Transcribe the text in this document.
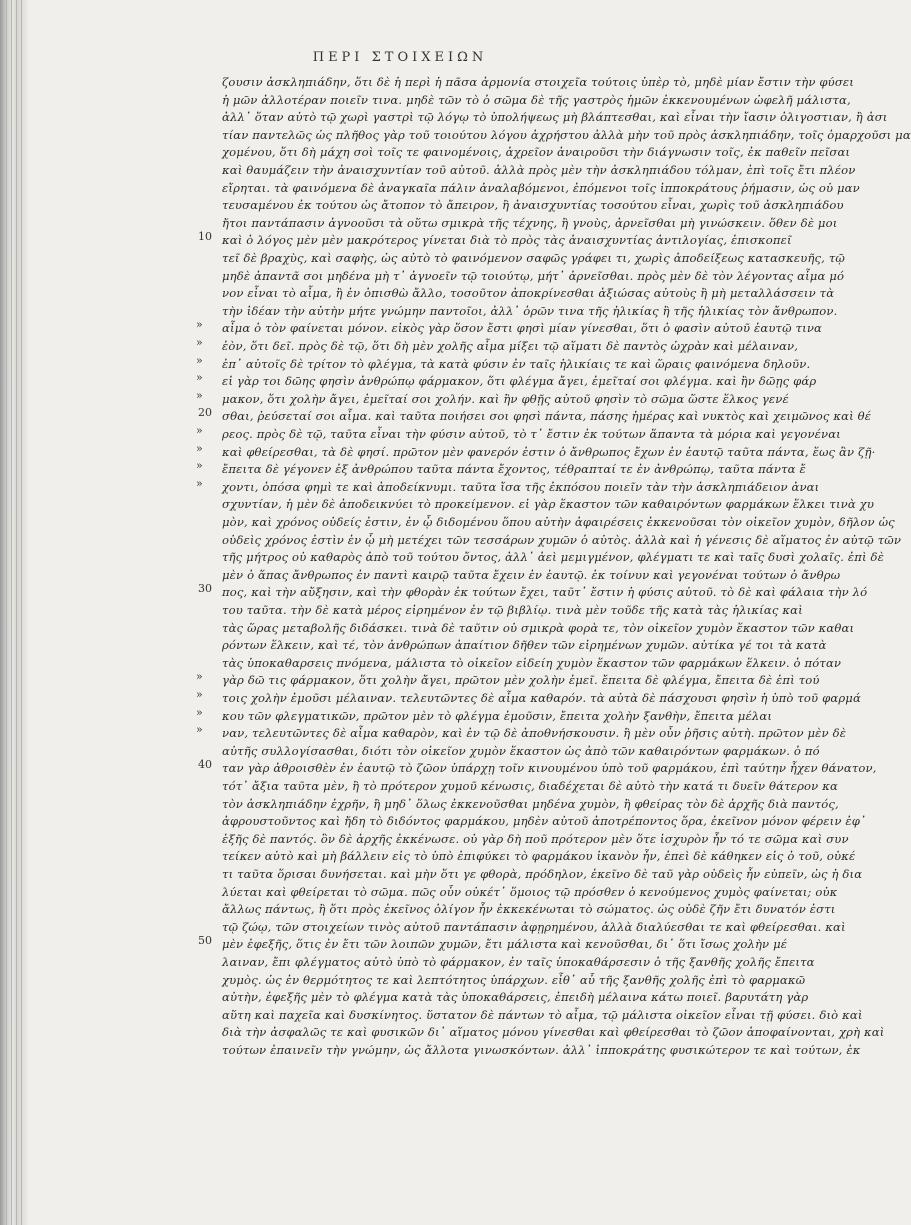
ΠΕΡΙ ΣΤΟΙΧΕΙΩΝ
ζουσιν ἀσκληπιάδην, ὅτι δὲ ἡ περὶ ἡ πᾶσα ἁρμονία στοιχεῖα τούτοις ὑπὲρ τὸ, μηδὲ μίαν ἔστιν τὴν φύσει
ἡ μῶν ἀλλοτέραν ποιεῖν τινα. μηδὲ τῶν τὸ ὁ σῶμα δὲ τῆς γαστρὸς ἡμῶν ἐκκενουμένων ὠφελῆ μάλιστα,
ἀλλ᾽ ὅταν αὐτὸ τῷ χωρὶ γαστρὶ τῷ λόγῳ τὸ ὑπολήψεως μὴ βλάπτεσθαι, καὶ εἶναι τὴν ἴασιν ὀλιγοστιαν, ἢ ἀσι
τίαν παντελῶς ὡς πλῆθος γὰρ τοῦ τοιούτου λόγου ἀχρήστου ἀλλὰ μὴν τοῦ πρὸς ἀσκληπιάδην, τοῖς ὁμαρχοῦσι μα
χομένου, ὅτι δὴ μάχη σοὶ τοῖς τε φαινομένοις, ἀχρεῖον ἀναιροῦσι τὴν διάγνωσιν τοῖς, ἐκ παθεῖν πεῖσαι
καὶ θαυμάζειν τὴν ἀναισχυντίαν τοῦ αὐτοῦ. ἀλλὰ πρὸς μὲν τὴν ἀσκληπιάδου τόλμαν, ἐπὶ τοῖς ἔτι πλέον
εἴρηται. τὰ φαινόμενα δὲ ἀναγκαῖα πάλιν ἀναλαβόμενοι, ἐπόμενοι τοῖς ἱπποκράτους ῥήμασιν, ὡς οὐ μαν
τευσαμένου ἐκ τούτου ὡς ἄτοπον τὸ ἄπειρον, ἢ ἀναισχυντίας τοσούτου εἶναι, χωρὶς τοῦ ἀσκληπιάδου
ἤτοι παντάπασιν ἀγνοοῦσι τὰ οὕτω σμικρὰ τῆς τέχνης, ἢ γνοὺς, ἀρνεῖσθαι μὴ γινώσκειν. ὅθεν δὲ μοι
καὶ ὁ λόγος μὲν μὲν μακρότερος γίνεται διὰ τὸ πρὸς τὰς ἀναισχυντίας ἀντιλογίας, ἐπισκοπεῖ
10
τεῖ δὲ βραχὺς, καὶ σαφὴς, ὡς αὐτὸ τὸ φαινόμενον σαφῶς γράφει τι, χωρὶς ἀποδείξεως κατασκευῆς, τῷ
μηδὲ ἀπαντᾶ σοι μηδένα μὴ τ᾽ ἀγνοεῖν τῷ τοιούτῳ, μήτ᾽ ἀρνεῖσθαι. πρὸς μὲν δὲ τὸν λέγοντας αἷμα μό
νον εἶναι τὸ αἷμα, ἢ ἐν ὀπισθὼ ἄλλο, τοσοῦτον ἀποκρίνεσθαι ἀξιώσας αὐτοὺς ἢ μὴ μεταλλάσσειν τὰ
τὴν ἰδέαν τὴν αὐτὴν μήτε γνώμην παντοῖοι, ἀλλ᾽ ὁρῶν τινα τῆς ἡλικίας ἢ τῆς ἡλικίας τὸν ἄνθρωπον.
αἷμα ὁ τὸν φαίνεται μόνον. εἰκὸς γὰρ ὅσον ἔστι φησὶ μίαν γίνεσθαι, ὅτι ὁ φασὶν αὐτοῦ ἑαυτῷ τινα
»
ἐὸν, ὅτι δεῖ. πρὸς δὲ τῷ, ὅτι δὴ μὲν χολῆς αἷμα μίξει τῷ αἵματι δὲ παντὸς ὡχρὰν καὶ μέλαιναν,
»
ἐπ᾽ αὐτοῖς δὲ τρίτον τὸ φλέγμα, τὰ κατὰ φύσιν ἐν ταῖς ἡλικίαις τε καὶ ὥραις φαινόμενα δηλοῦν.
»
εἰ γὰρ τοι δῶης φησὶν ἀνθρώπῳ φάρμακον, ὅτι φλέγμα ἄγει, ἐμεῖταί σοι φλέγμα. καὶ ἢν δῶῃς φάρ
»
μακον, ὅτι χολὴν ἄγει, ἐμεῖταί σοι χολήν. καὶ ἢν φθῇς αὐτοῦ φησὶν τὸ σῶμα ὥστε ἕλκος γενέ
»
σθαι, ῥεύσεταί σοι αἷμα. καὶ ταῦτα ποιήσει σοι φησὶ πάντα, πάσης ἡμέρας καὶ νυκτὸς καὶ χειμῶνος καὶ θέ
20
ρεος. πρὸς δὲ τῷ, ταῦτα εἶναι τὴν φύσιν αὐτοῦ, τὸ τ᾽ ἔστιν ἐκ τούτων ἅπαντα τὰ μόρια καὶ γεγονέναι
»
καὶ φθείρεσθαι, τὰ δὲ φησί. πρῶτον μὲν φανερόν ἐστιν ὁ ἄνθρωπος ἔχων ἐν ἑαυτῷ ταῦτα πάντα, ἕως ἂν ζῇ·
»
ἔπειτα δὲ γέγονεν ἐξ ἀνθρώπου ταῦτα πάντα ἔχοντος, τέθραπταί τε ἐν ἀνθρώπῳ, ταῦτα πάντα ἔ
»
χοντι, ὁπόσα φημὶ τε καὶ ἀποδείκνυμι. ταῦτα ἴσα τῆς ἐκπόσου ποιεῖν τὰν τὴν ἀσκληπιάδειον ἀναι
»
σχυντίαν, ἡ μὲν δὲ ἀποδεικνύει τὸ προκείμενον. εἰ γὰρ ἕκαστον τῶν καθαιρόντων φαρμάκων ἕλκει τινὰ χυ
μὸν, καὶ χρόνος οὐδείς ἐστιν, ἐν ᾧ διδομένου ὅπου αὐτὴν ἀφαιρέσεις ἐκκενοῦσαι τὸν οἰκεῖον χυμὸν, δῆλον ὡς
οὐδεὶς χρόνος ἐστὶν ἐν ᾧ μὴ μετέχει τῶν τεσσάρων χυμῶν ὁ αὐτὸς. ἀλλὰ καὶ ἡ γένεσις δὲ αἵματος ἐν αὐτῷ τῶν
τῆς μήτρος οὐ καθαρὸς ἀπὸ τοῦ τούτου ὄντος, ἀλλ᾽ ἀεὶ μεμιγμένον, φλέγματι τε καὶ ταῖς δυσὶ χολαῖς. ἐπὶ δὲ
μὲν ὁ ἅπας ἄνθρωπος ἐν παντὶ καιρῷ ταῦτα ἔχειν ἐν ἑαυτῷ. ἐκ τοίνυν καὶ γεγονέναι τούτων ὁ ἄνθρω
πος, καὶ τὴν αὔξησιν, καὶ τὴν φθορὰν ἐκ τούτων ἔχει, ταῦτ᾽ ἔστιν ἡ φύσις αὐτοῦ. τὸ δὲ καὶ φάλαια τὴν λό
30
του ταῦτα. τὴν δὲ κατὰ μέρος εἰρημένον ἐν τῷ βιβλίῳ. τινὰ μὲν τοῦδε τῆς κατὰ τὰς ἡλικίας καὶ
τὰς ὥρας μεταβολῆς διδάσκει. τινὰ δὲ ταῦτιν οὐ σμικρὰ φορὰ τε, τὸν οἰκεῖον χυμὸν ἕκαστον τῶν καθαι
ρόντων ἕλκειν, καὶ τέ, τὸν ἀνθρώπων ἀπαίτιον δῆθεν τῶν εἰρημένων χυμῶν. αὐτίκα γέ τοι τὰ κατὰ
τὰς ὑποκαθαρσεις πνόμενα, μάλιστα τὸ οἰκεῖον εἰδείη χυμὸν ἕκαστον τῶν φαρμάκων ἕλκειν. ὁ πόταν
γὰρ δῶ τις φάρμακον, ὅτι χολὴν ἄγει, πρῶτον μὲν χολὴν ἐμεῖ. ἔπειτα δὲ φλέγμα, ἔπειτα δὲ ἐπὶ τού
»
τοις χολὴν ἐμοῦσι μέλαιναν. τελευτῶντες δὲ αἷμα καθαρόν. τὰ αὐτὰ δὲ πάσχουσι φησὶν ἡ ὑπὸ τοῦ φαρμά
»
κου τῶν φλεγματικῶν, πρῶτον μὲν τὸ φλέγμα ἐμοῦσιν, ἔπειτα χολὴν ξανθὴν, ἔπειτα μέλαι
»
ναν, τελευτῶντες δὲ αἷμα καθαρὸν, καὶ ἐν τῷ δὲ ἀποθνήσκουσιν. ἢ μὲν οὖν ῥῆσις αὐτὴ. πρῶτον μὲν δὲ
»
αὐτῆς συλλογίσασθαι, διότι τὸν οἰκεῖον χυμὸν ἕκαστον ὡς ἀπὸ τῶν καθαιρόντων φαρμάκων. ὁ πό
ταν γὰρ ἀθροισθὲν ἐν ἑαυτῷ τὸ ζῶον ὑπάρχῃ τοῖν κινουμένου ὑπὸ τοῦ φαρμάκου, ἐπὶ ταύτην ἦχεν θάνατον,
40
τότ᾽ ἄξια ταῦτα μὲν, ἢ τὸ πρότερον χυμοῦ κένωσις, διαδέχεται δὲ αὐτὸ τὴν κατά τι δυεῖν θάτερον κα
τὸν ἀσκληπιάδην ἐχρῆν, ἢ μηδ᾽ ὅλως ἐκκενοῦσθαι μηδένα χυμὸν, ἢ φθείρας τὸν δὲ ἀρχῆς διὰ παντός,
ἀφρουστοῦντος καὶ ἤδη τὸ διδόντος φαρμάκου, μηδὲν αὐτοῦ ἀποτρέποντος ὅρα, ἐκεῖνον μόνον φέρειν ἐφ᾽
ἑξῆς δὲ παντός. ὃν δὲ ἀρχῆς ἐκκένωσε. οὐ γὰρ δὴ ποῦ πρότερον μὲν ὅτε ἰσχυρὸν ἦν τό τε σῶμα καὶ συν
τείκεν αὐτὸ καὶ μὴ βάλλειν εἰς τὸ ὑπὸ ἐπιφύκει τὸ φαρμάκου ἱκανὸν ἦν, ἐπεὶ δὲ κάθηκεν εἰς ὁ τοῦ, οὐκέ
τι ταῦτα ὅρισαι δυνήσεται. καὶ μὴν ὅτι γε φθορὰ, πρόδηλον, ἐκεῖνο δὲ ταῦ γὰρ οὐδεὶς ἦν εὐπεῖν, ὡς ἡ δια
λύεται καὶ φθείρεται τὸ σῶμα. πῶς οὖν οὐκέτ᾽ ὅμοιος τῷ πρόσθεν ὁ κενούμενος χυμὸς φαίνεται; οὐκ
ἄλλως πάντως, ἢ ὅτι πρὸς ἐκεῖνος ὀλίγον ἦν ἐκκεκένωται τὸ σώματος. ὡς οὐδὲ ζῆν ἔτι δυνατόν ἐστι
τῷ ζώῳ, τῶν στοιχείων τινὸς αὐτοῦ παντάπασιν ἀφῃρημένου, ἀλλὰ διαλύεσθαι τε καὶ φθείρεσθαι. καὶ
μὲν ἐφεξῆς, ὅτις ἐν ἔτι τῶν λοιπῶν χυμῶν, ἔτι μάλιστα καὶ κενοῦσθαι, δι᾽ ὅτι ἴσως χολὴν μέ
50
λαιναν, ἔπι φλέγματος αὐτὸ ὑπὸ τὸ φάρμακον, ἐν ταῖς ὑποκαθάρσεσιν ὁ τῆς ξανθῆς χολῆς ἔπειτα
χυμὸς. ὡς ἐν θερμότητος τε καὶ λεπτότητος ὑπάρχων. εἶθ᾽ αὖ τῆς ξανθῆς χολῆς ἐπὶ τὸ φαρμακῶ
αὐτὴν, ἐφεξῆς μὲν τὸ φλέγμα κατὰ τὰς ὑποκαθάρσεις, ἐπειδὴ μέλαινα κάτω ποιεῖ. βαρυτάτη γὰρ
αὕτη καὶ παχεῖα καὶ δυσκίνητος. ὕστατον δὲ πάντων τὸ αἷμα, τῷ μάλιστα οἰκεῖον εἶναι τῇ φύσει. διὸ καὶ
διὰ τὴν ἀσφαλῶς τε καὶ φυσικῶν δι᾽ αἵματος μόνου γίνεσθαι καὶ φθείρεσθαι τὸ ζῶον ἀποφαίνονται, χρὴ καὶ
τούτων ἐπαινεῖν τὴν γνώμην, ὡς ἄλλοτα γινωσκόντων. ἀλλ᾽ ἱπποκράτης φυσικώτερον τε καὶ τούτων, ἐκ
